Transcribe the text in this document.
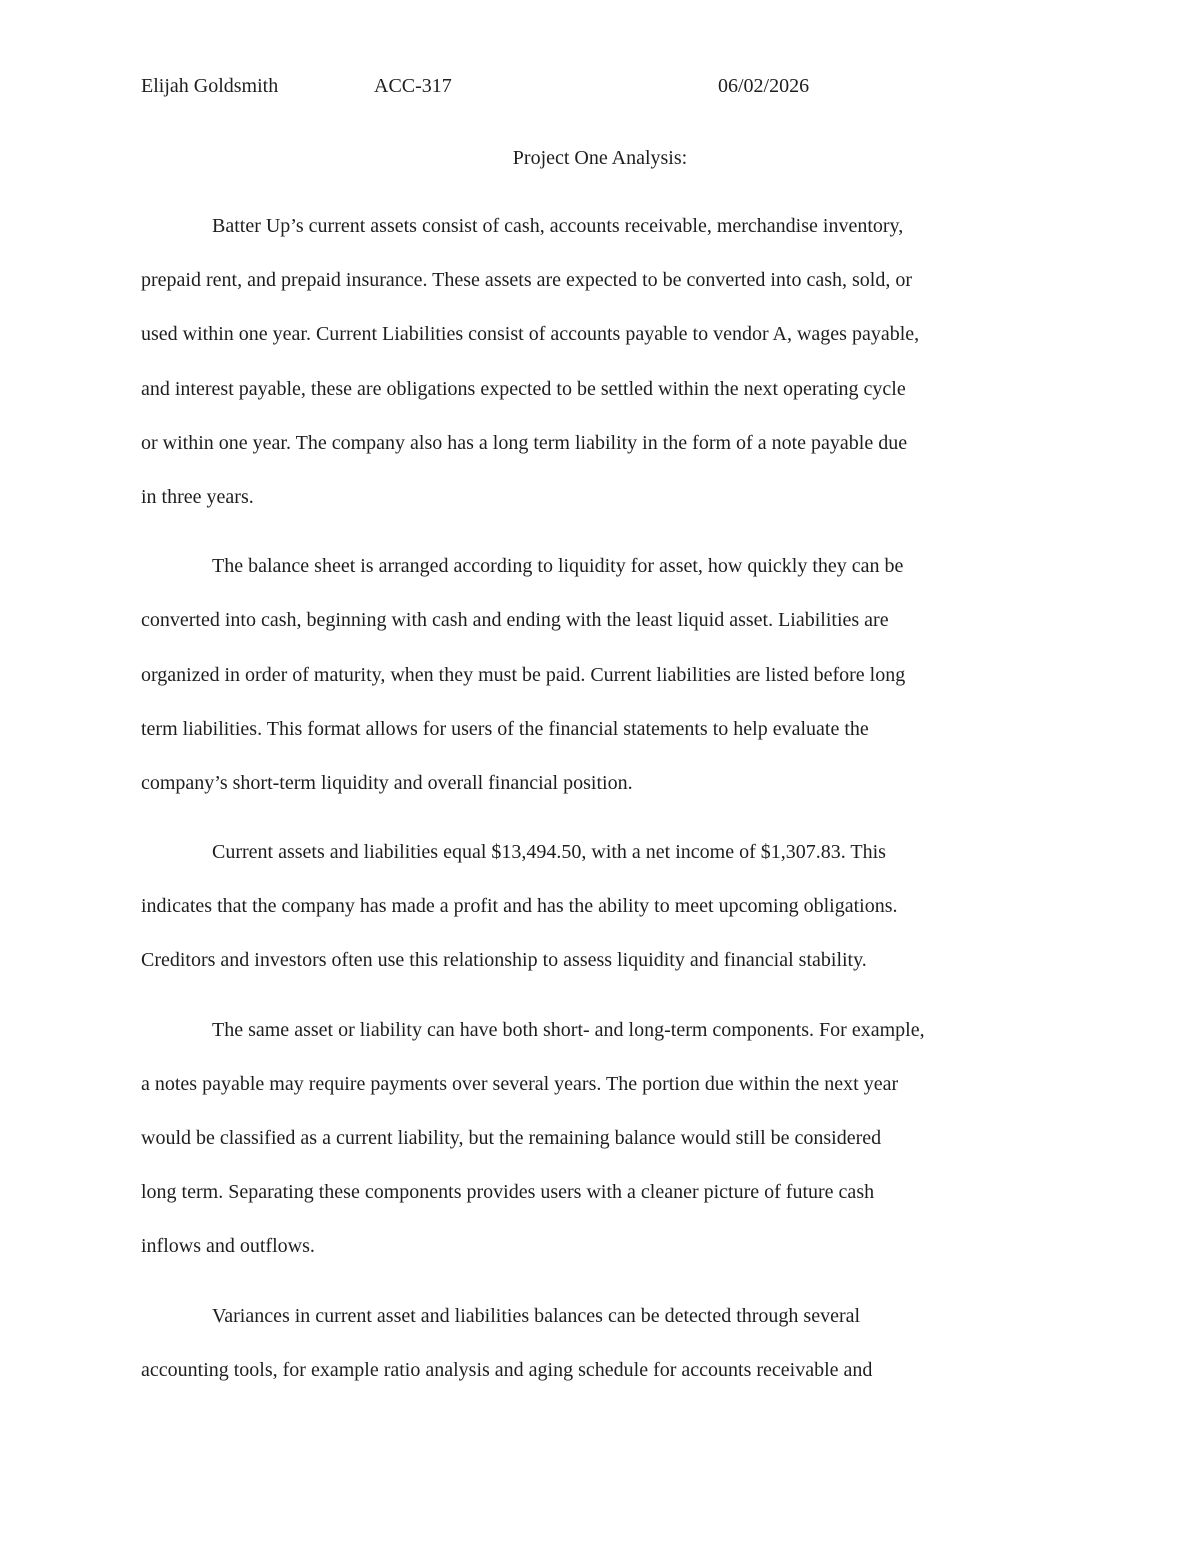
Elijah Goldsmith	ACC-317	06/02/2026
Project One Analysis:

Batter Up’s current assets consist of cash, accounts receivable, merchandise inventory,
prepaid rent, and prepaid insurance. These assets are expected to be converted into cash, sold, or
used within one year. Current Liabilities consist of accounts payable to vendor A, wages payable,
and interest payable, these are obligations expected to be settled within the next operating cycle
or within one year. The company also has a long term liability in the form of a note payable due
in three years.

The balance sheet is arranged according to liquidity for asset, how quickly they can be
converted into cash, beginning with cash and ending with the least liquid asset. Liabilities are
organized in order of maturity, when they must be paid. Current liabilities are listed before long
term liabilities. This format allows for users of the financial statements to help evaluate the
company’s short-term liquidity and overall financial position.

Current assets and liabilities equal $13,494.50, with a net income of $1,307.83. This
indicates that the company has made a profit and has the ability to meet upcoming obligations.
Creditors and investors often use this relationship to assess liquidity and financial stability.

The same asset or liability can have both short- and long-term components. For example,
a notes payable may require payments over several years. The portion due within the next year
would be classified as a current liability, but the remaining balance would still be considered
long term. Separating these components provides users with a cleaner picture of future cash
inflows and outflows.

Variances in current asset and liabilities balances can be detected through several
accounting tools, for example ratio analysis and aging schedule for accounts receivable and
